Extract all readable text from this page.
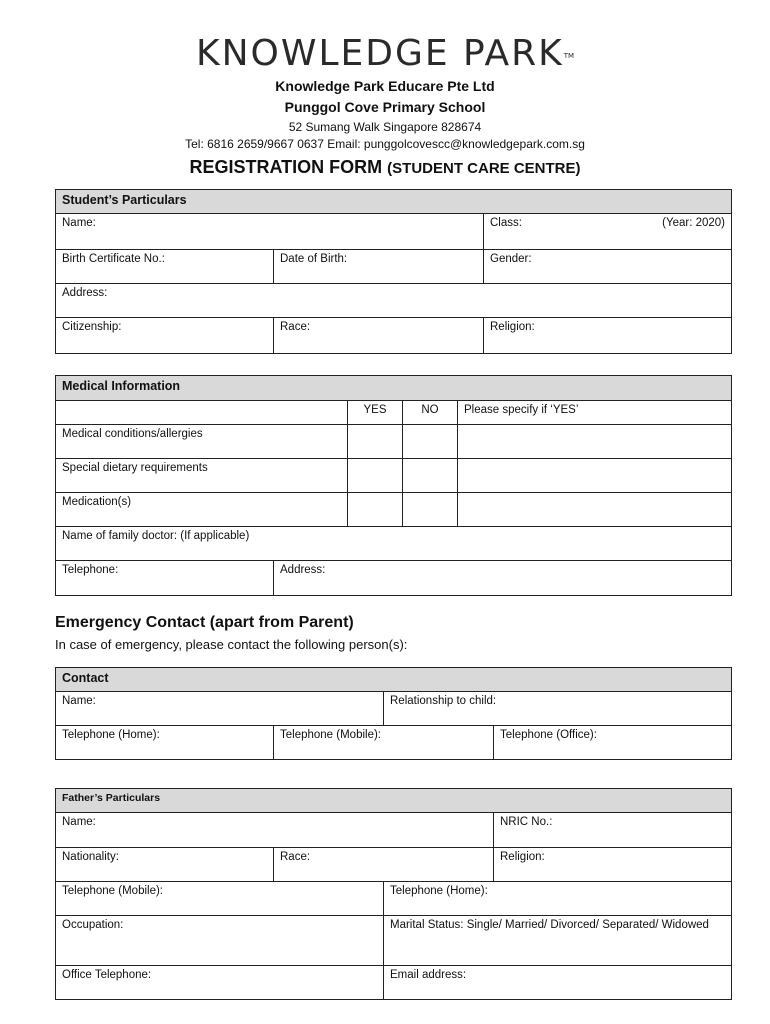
KNOWLEDGE PARK™
Knowledge Park Educare Pte Ltd
Punggol Cove Primary School
52 Sumang Walk Singapore 828674
Tel: 6816 2659/9667 0637 Email: punggolcovescc@knowledgepark.com.sg
REGISTRATION FORM (STUDENT CARE CENTRE)
Student’s Particulars		
Name:		Class: (Year: 2020)

Birth Certificate No.:	Date of Birth:	Gender:
Address:		
Citizenship:	Race:	Religion:
Medical Information				
		YES	NO	Please specify if ‘YES’
Medical conditions/allergies				
Special dietary requirements				
Medication(s)				
Name of family doctor: (If applicable)				
Telephone:	Address:			
Emergency Contact (apart from Parent)
In case of emergency, please contact the following person(s):
Contact			
Name:		Relationship to child:	
Telephone (Home):	Telephone (Mobile):		Telephone (Office):
Father’s Particulars			
Name:			NRIC No.:
Nationality:	Race:		Religion:
Telephone (Mobile):		Telephone (Home):	
Occupation:		Marital Status: Single/ Married/ Divorced/ Separated/ Widowed	
Office Telephone:		Email address:	
